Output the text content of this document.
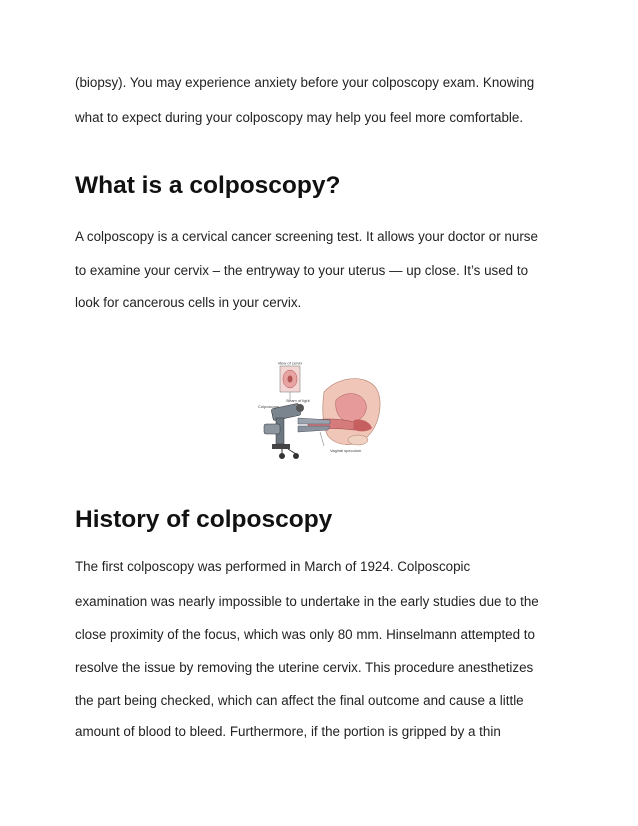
(biopsy). You may experience anxiety before your colposcopy exam. Knowing
what to expect during your colposcopy may help you feel more comfortable.
What is a colposcopy?
A colposcopy is a cervical cancer screening test. It allows your doctor or nurse
to examine your cervix – the entryway to your uterus — up close. It’s used to
look for cancerous cells in your cervix.
View of cervix
Beam of light
Vaginal speculum
Colposcope
History of colposcopy
The first colposcopy was performed in March of 1924. Colposcopic
examination was nearly impossible to undertake in the early studies due to the
close proximity of the focus, which was only 80 mm. Hinselmann attempted to
resolve the issue by removing the uterine cervix. This procedure anesthetizes
the part being checked, which can affect the final outcome and cause a little
amount of blood to bleed. Furthermore, if the portion is gripped by a thin
